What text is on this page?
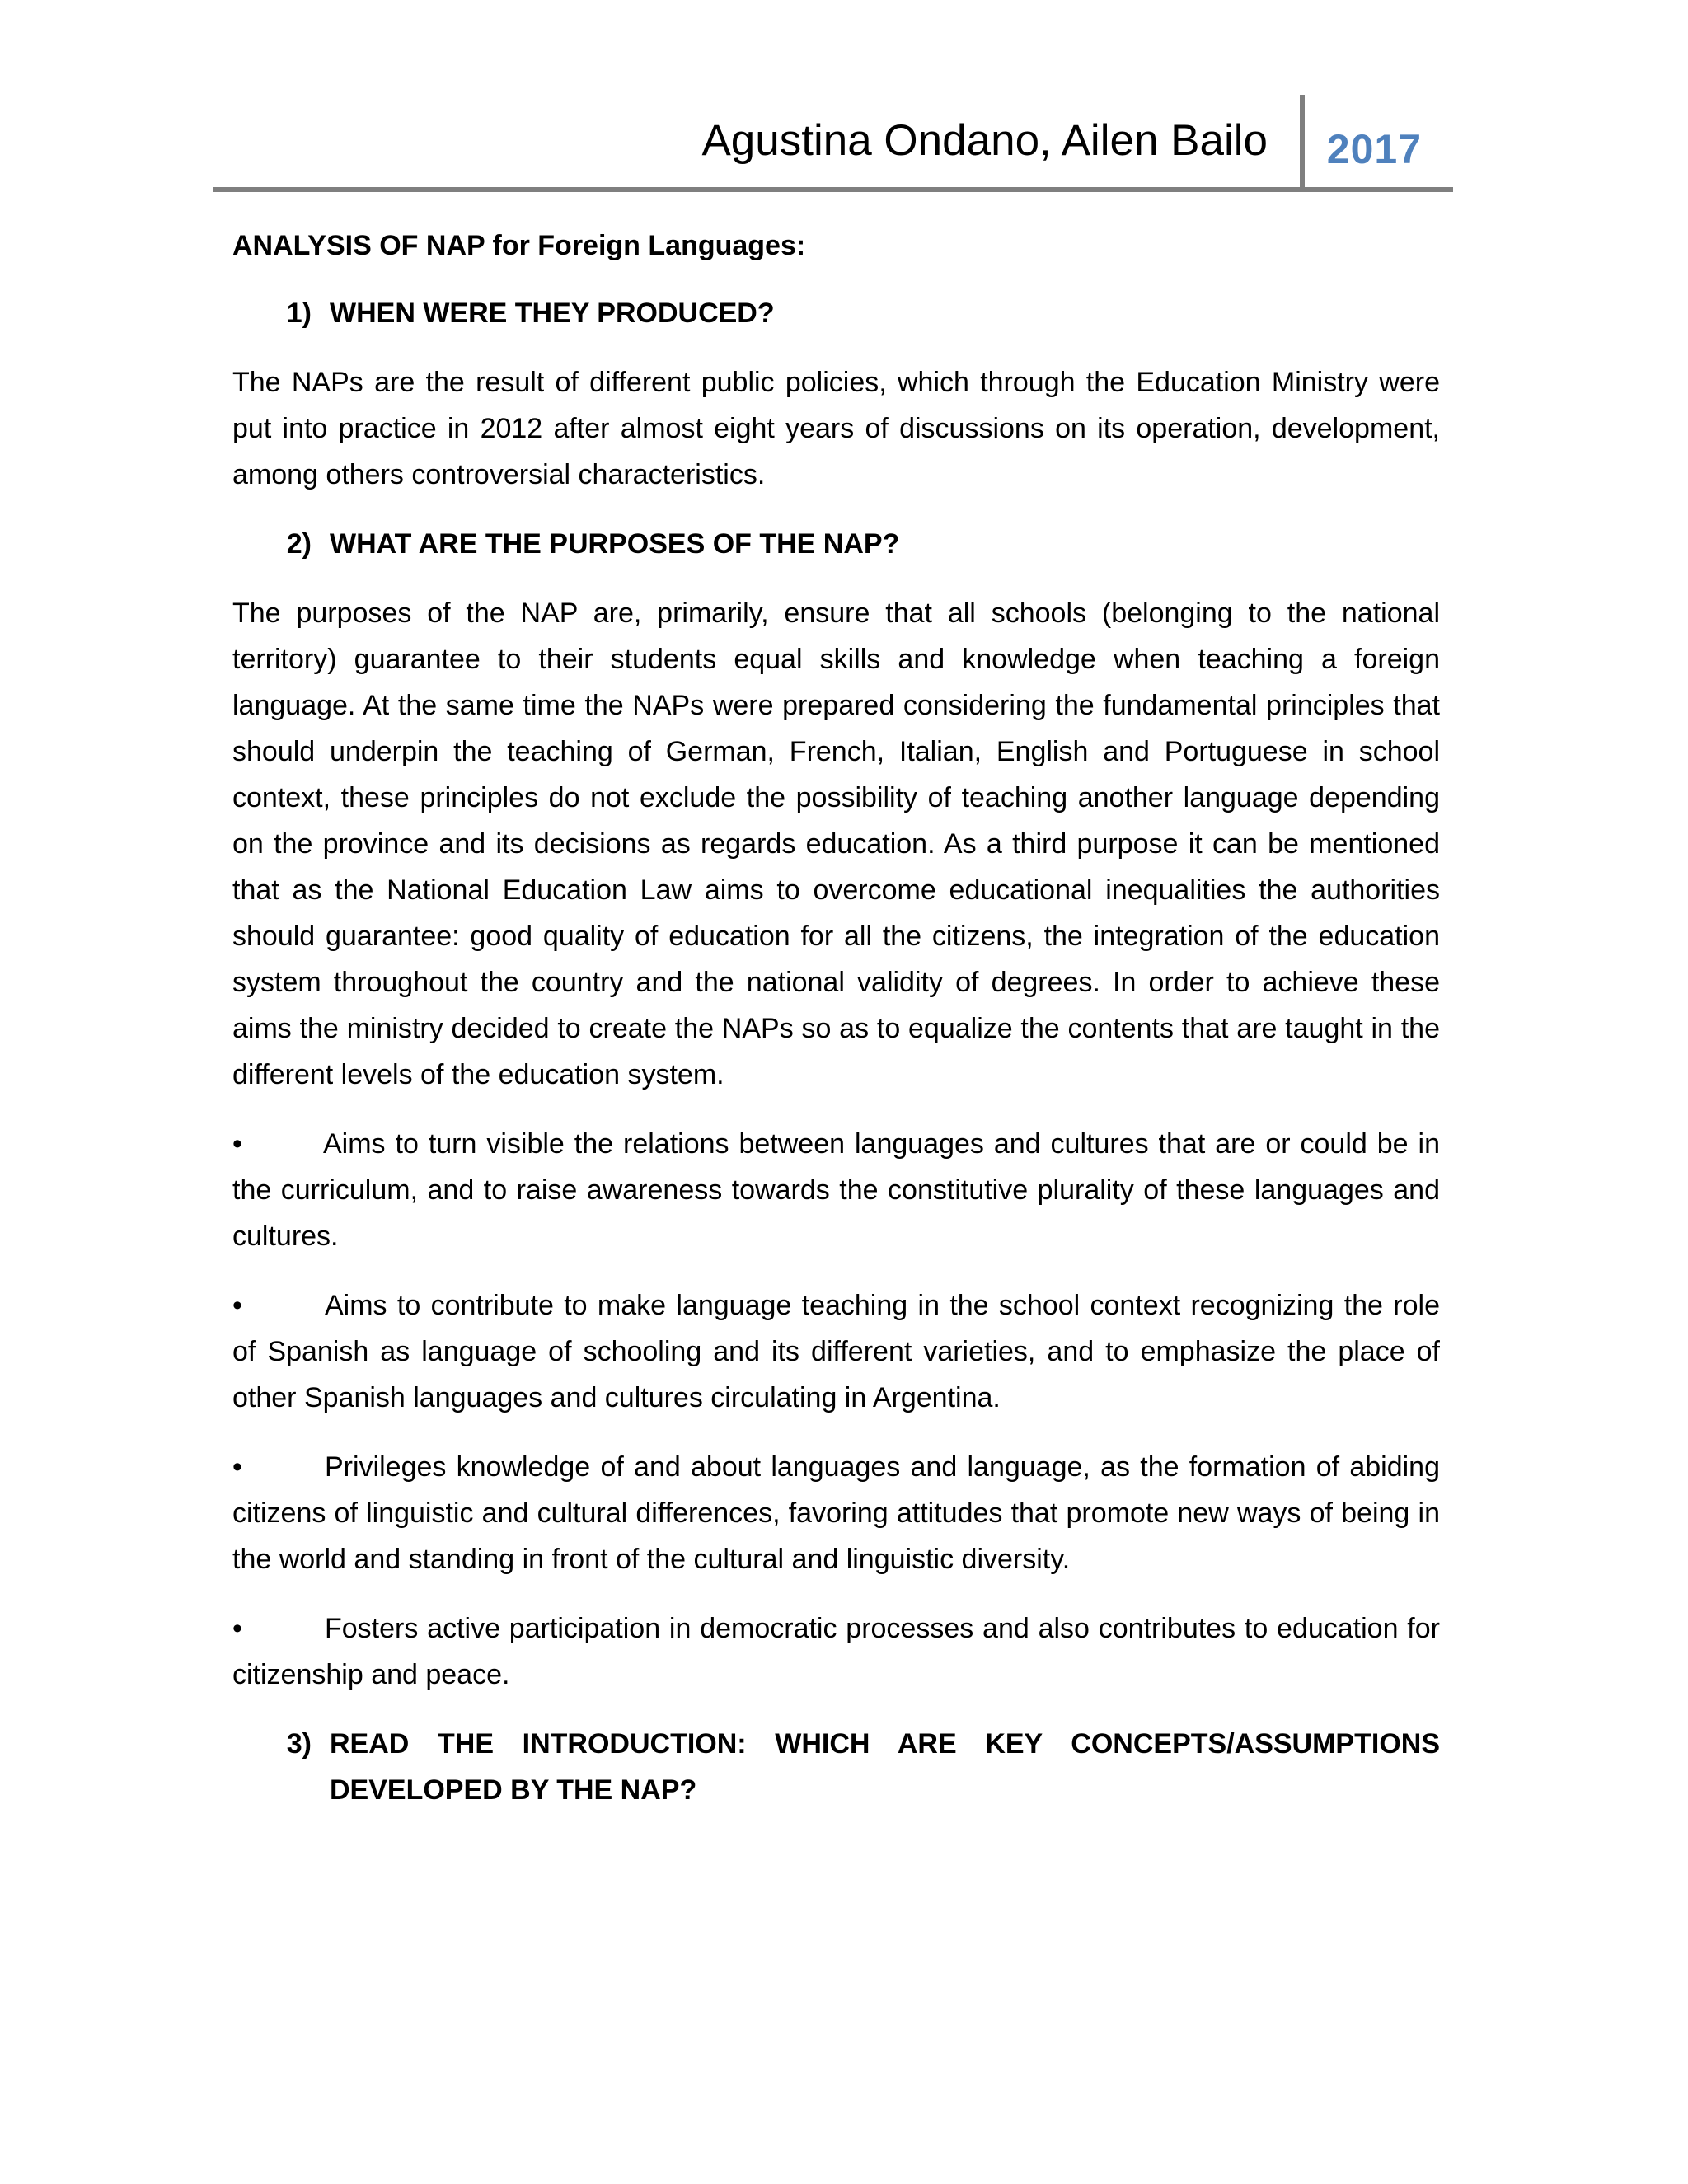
Agustina Ondano, Ailen Bailo 2017
ANALYSIS OF NAP for Foreign Languages:
1) WHEN WERE THEY PRODUCED?

The NAPs are the result of different public policies, which through the Education Ministry were put into practice in 2012 after almost eight years of discussions on its operation, development, among others controversial characteristics.

2) WHAT ARE THE PURPOSES OF THE NAP?

The purposes of the NAP are, primarily, ensure that all schools (belonging to the national territory) guarantee to their students equal skills and knowledge when teaching a foreign language. At the same time the NAPs were prepared considering the fundamental principles that should underpin the teaching of German, French, Italian, English and Portuguese in school context, these principles do not exclude the possibility of teaching another language depending on the province and its decisions as regards education. As a third purpose it can be mentioned that as the National Education Law aims to overcome educational inequalities the authorities should guarantee: good quality of education for all the citizens, the integration of the education system throughout the country and the national validity of degrees. In order to achieve these aims the ministry decided to create the NAPs so as to equalize the contents that are taught in the different levels of the education system.

•	Aims to turn visible the relations between languages and cultures that are or could be in the curriculum, and to raise awareness towards the constitutive plurality of these languages and cultures.
•	Aims to contribute to make language teaching in the school context recognizing the role of Spanish as language of schooling and its different varieties, and to emphasize the place of other Spanish languages and cultures circulating in Argentina.
•	Privileges knowledge of and about languages and language, as the formation of abiding citizens of linguistic and cultural differences, favoring attitudes that promote new ways of being in the world and standing in front of the cultural and linguistic diversity.
•	Fosters active participation in democratic processes and also contributes to education for citizenship and peace.
3) READ THE INTRODUCTION: WHICH ARE KEY CONCEPTS/ASSUMPTIONS DEVELOPED BY THE NAP?
